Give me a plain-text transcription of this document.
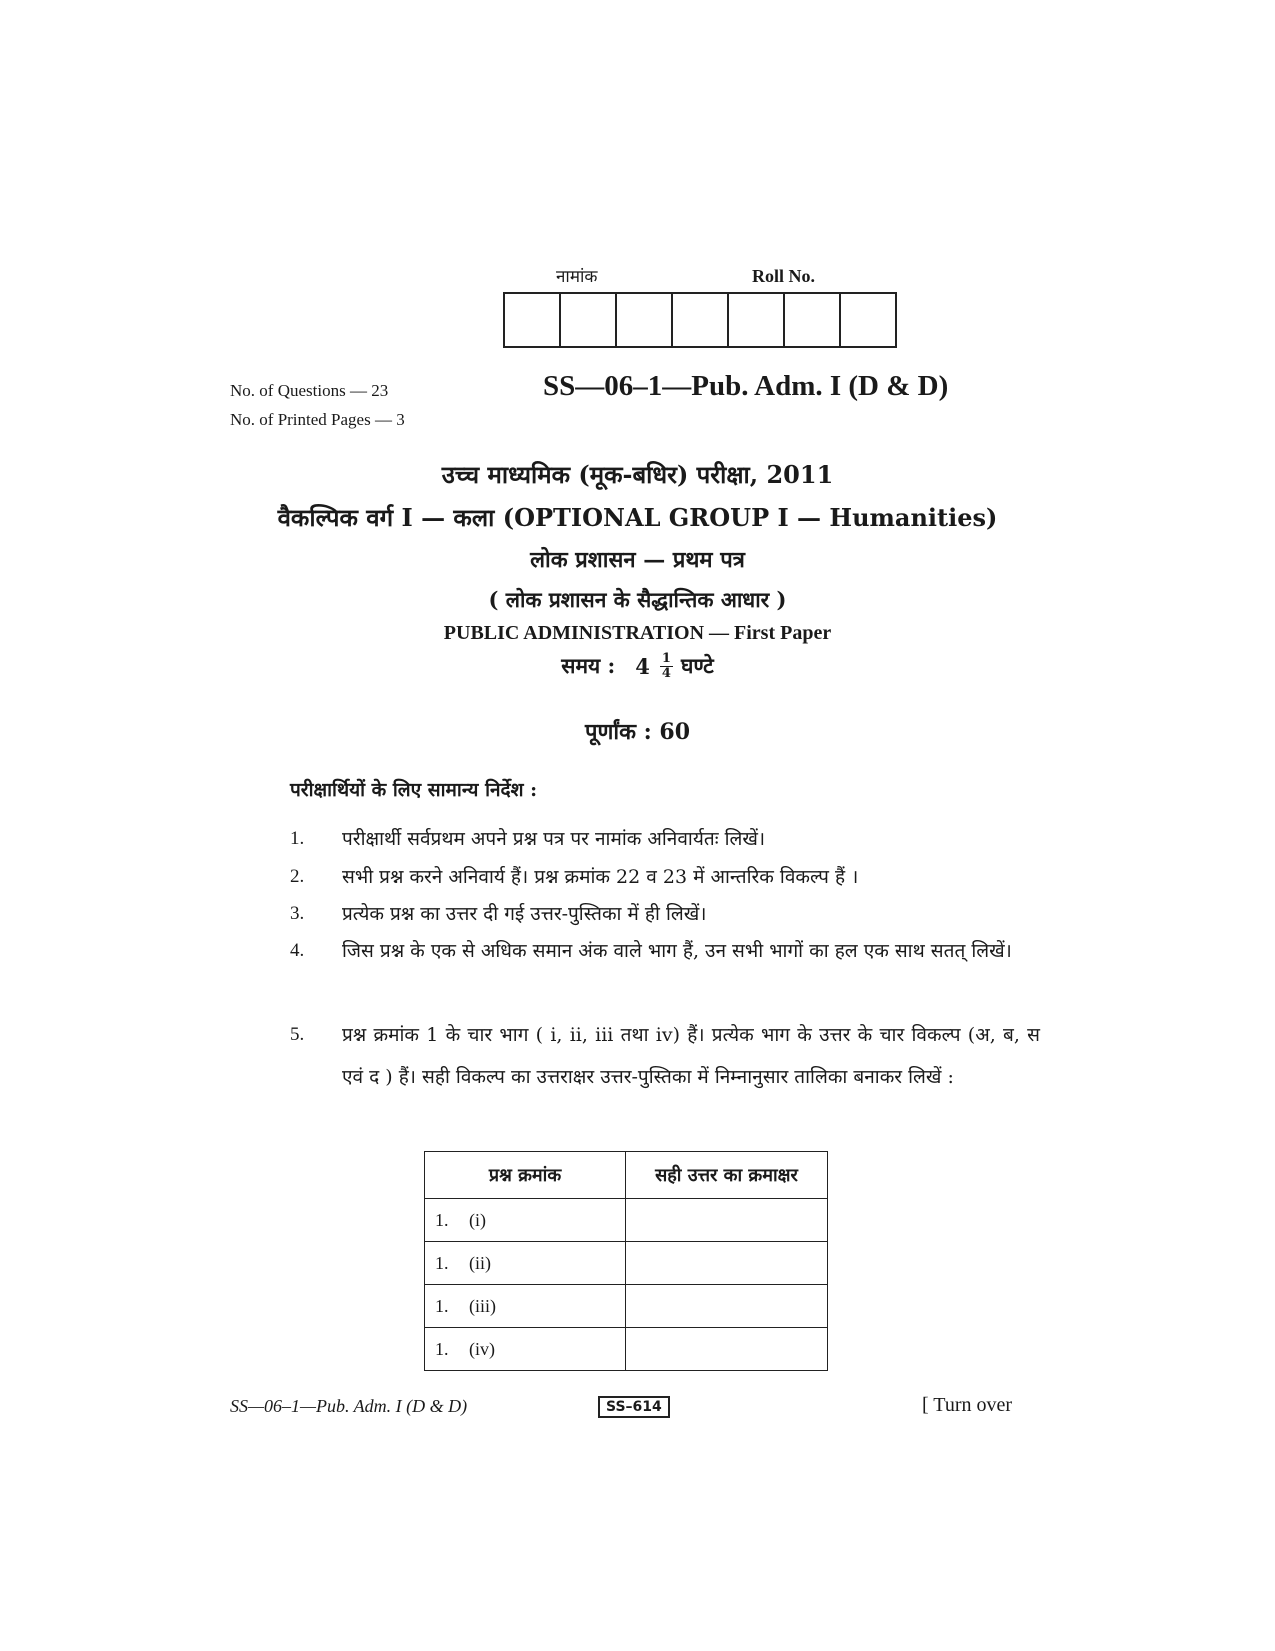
नामांक	Roll No.
No. of Questions — 23
No. of Printed Pages — 3
SS—06–1—Pub. Adm. I (D & D)
उच्च माध्यमिक (मूक-बधिर) परीक्षा, 2011
वैकल्पिक वर्ग I — कला (OPTIONAL GROUP I — Humanities)
लोक प्रशासन — प्रथम पत्र
( लोक प्रशासन के सैद्धान्तिक आधार )
PUBLIC ADMINISTRATION — First Paper
समय : $4 \frac{1}{4}$ घण्टे
पूर्णांक : 60
परीक्षार्थियों के लिए सामान्य निर्देश :
1.	परीक्षार्थी सर्वप्रथम अपने प्रश्न पत्र पर नामांक अनिवार्यतः लिखें।
2.	सभी प्रश्न करने अनिवार्य हैं। प्रश्न क्रमांक 22 व 23 में आन्तरिक विकल्प हैं ।
3.	प्रत्येक प्रश्न का उत्तर दी गई उत्तर-पुस्तिका में ही लिखें।
4.	जिस प्रश्न के एक से अधिक समान अंक वाले भाग हैं, उन सभी भागों का हल एक साथ सतत् लिखें।
5.	प्रश्न क्रमांक 1 के चार भाग ( i, ii, iii तथा iv) हैं। प्रत्येक भाग के उत्तर के चार विकल्प (अ, ब, स एवं द ) हैं। सही विकल्प का उत्तराक्षर उत्तर-पुस्तिका में निम्नानुसार तालिका बनाकर लिखें :
प्रश्न क्रमांक	सही उत्तर का क्रमाक्षर
1. (i)	
1. (ii)	
1. (iii)	
1. (iv)	
SS—06–1—Pub. Adm. I (D & D)	SS–614	[ Turn over
